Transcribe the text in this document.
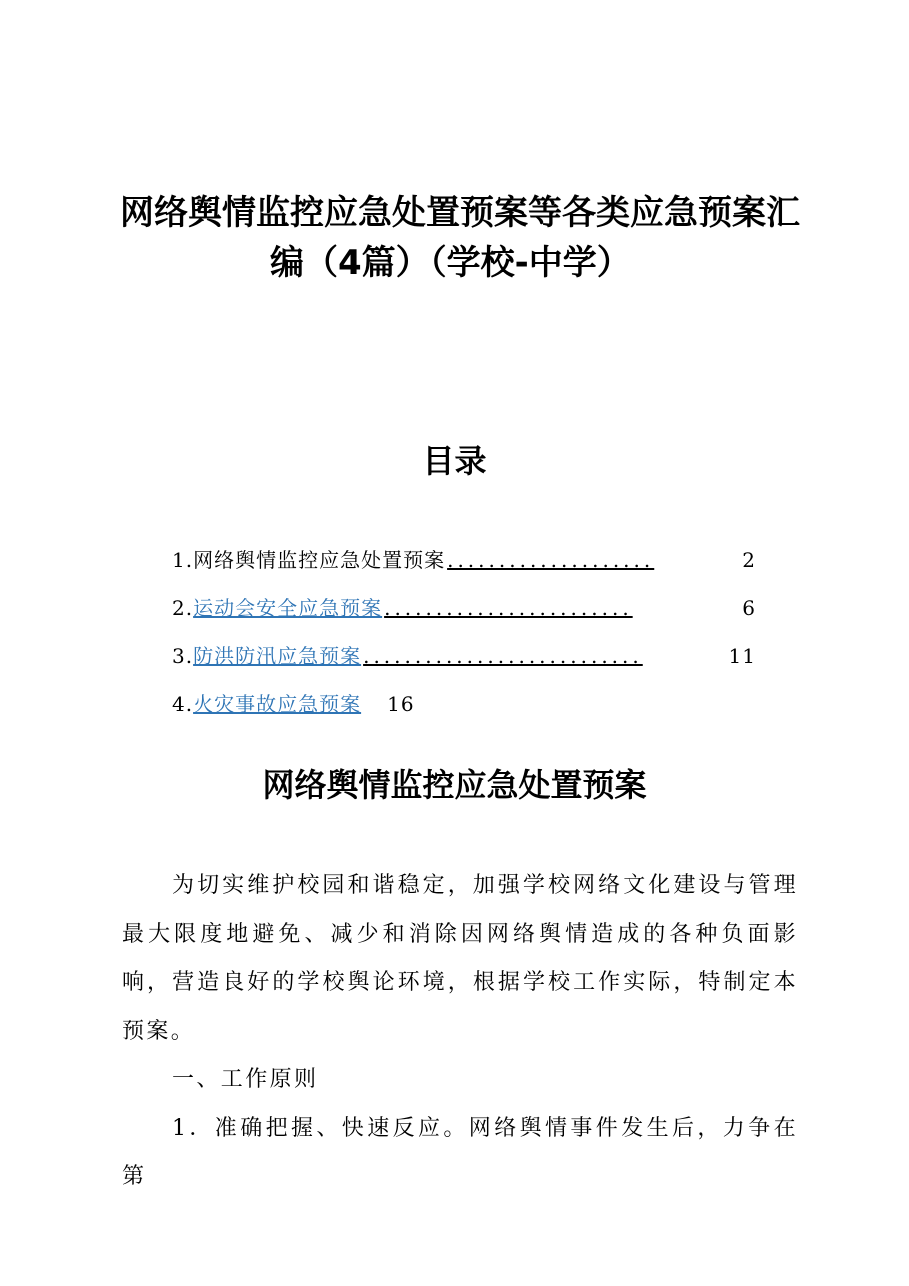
网络舆情监控应急处置预案等各类应急预案汇
编（4篇）（学校-中学）
目录
1. 网络舆情监控应急处置预案 ....................	2
2. 运动会安全应急预案 ........................	6
3. 防洪防汛应急预案 ...........................	11
4. 火灾事故应急预案 16
网络舆情监控应急处置预案

为切实维护校园和谐稳定，加强学校网络文化建设与管理最大限度地避免、减少和消除因网络舆情造成的各种负面影响，营造良好的学校舆论环境，根据学校工作实际，特制定本预案。

一、工作原则

1．准确把握、快速反应。网络舆情事件发生后，力争在第
